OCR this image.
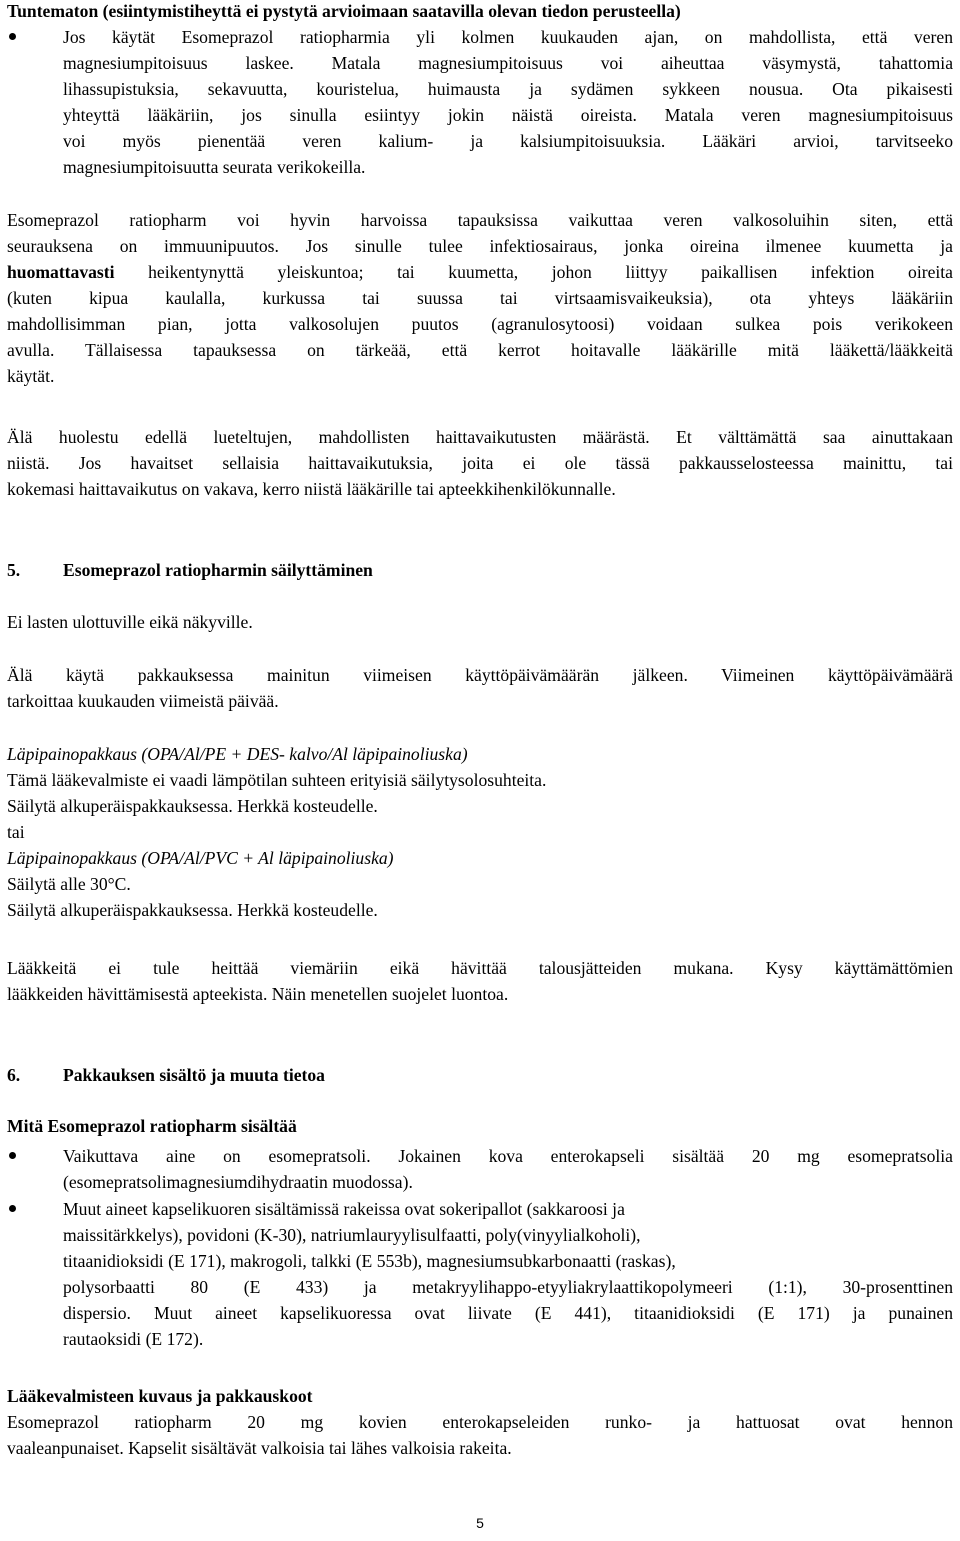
Tuntematon (esiintymistiheyttä ei pystytä arvioimaan saatavilla olevan tiedon perusteella)
Jos käytät Esomeprazol ratiopharmia yli kolmen kuukauden ajan, on mahdollista, että veren
magnesiumpitoisuus laskee. Matala magnesiumpitoisuus voi aiheuttaa väsymystä, tahattomia
lihassupistuksia, sekavuutta, kouristelua, huimausta ja sydämen sykkeen nousua. Ota pikaisesti
yhteyttä lääkäriin, jos sinulla esiintyy jokin näistä oireista. Matala veren magnesiumpitoisuus
voi myös pienentää veren kalium- ja kalsiumpitoisuuksia. Lääkäri arvioi, tarvitseeko
magnesiumpitoisuutta seurata verikokeilla.
Esomeprazol ratiopharm voi hyvin harvoissa tapauksissa vaikuttaa veren valkosoluihin siten, että
seurauksena on immuunipuutos. Jos sinulle tulee infektiosairaus, jonka oireina ilmenee kuumetta ja
huomattavasti heikentynyttä yleiskuntoa; tai kuumetta, johon liittyy paikallisen infektion oireita
(kuten kipua kaulalla, kurkussa tai suussa tai virtsaamisvaikeuksia), ota yhteys lääkäriin
mahdollisimman pian, jotta valkosolujen puutos (agranulosytoosi) voidaan sulkea pois verikokeen
avulla. Tällaisessa tapauksessa on tärkeää, että kerrot hoitavalle lääkärille mitä lääkettä/lääkkeitä
käytät.
Älä huolestu edellä lueteltujen, mahdollisten haittavaikutusten määrästä. Et välttämättä saa ainuttakaan
niistä. Jos havaitset sellaisia haittavaikutuksia, joita ei ole tässä pakkausselosteessa mainittu, tai
kokemasi haittavaikutus on vakava, kerro niistä lääkärille tai apteekkihenkilökunnalle.
5. Esomeprazol ratiopharmin säilyttäminen
Ei lasten ulottuville eikä näkyville.
Älä käytä pakkauksessa mainitun viimeisen käyttöpäivämäärän jälkeen. Viimeinen käyttöpäivämäärä
tarkoittaa kuukauden viimeistä päivää.
Läpipainopakkaus (OPA/Al/PE + DES- kalvo/Al läpipainoliuska)
Tämä lääkevalmiste ei vaadi lämpötilan suhteen erityisiä säilytysolosuhteita.
Säilytä alkuperäispakkauksessa. Herkkä kosteudelle.
tai
Läpipainopakkaus (OPA/Al/PVC + Al läpipainoliuska)
Säilytä alle 30°C.
Säilytä alkuperäispakkauksessa. Herkkä kosteudelle.
Lääkkeitä ei tule heittää viemäriin eikä hävittää talousjätteiden mukana. Kysy käyttämättömien
lääkkeiden hävittämisestä apteekista. Näin menetellen suojelet luontoa.
6. Pakkauksen sisältö ja muuta tietoa
Mitä Esomeprazol ratiopharm sisältää
Vaikuttava aine on esomepratsoli. Jokainen kova enterokapseli sisältää 20 mg esomepratsolia
(esomepratsolimagnesiumdihydraatin muodossa).
Muut aineet kapselikuoren sisältämissä rakeissa ovat sokeripallot (sakkaroosi ja
maissitärkkelys), povidoni (K-30), natriumlauryylisulfaatti, poly(vinyylialkoholi),
titaanidioksidi (E 171), makrogoli, talkki (E 553b), magnesiumsubkarbonaatti (raskas),
polysorbaatti 80 (E 433) ja metakryylihappo-etyyliakrylaattikopolymeeri (1:1), 30-prosenttinen
dispersio. Muut aineet kapselikuoressa ovat liivate (E 441), titaanidioksidi (E 171) ja punainen
rautaoksidi (E 172).
Lääkevalmisteen kuvaus ja pakkauskoot
Esomeprazol ratiopharm 20 mg kovien enterokapseleiden runko- ja hattuosat ovat hennon
vaaleanpunaiset. Kapselit sisältävät valkoisia tai lähes valkoisia rakeita.
5
